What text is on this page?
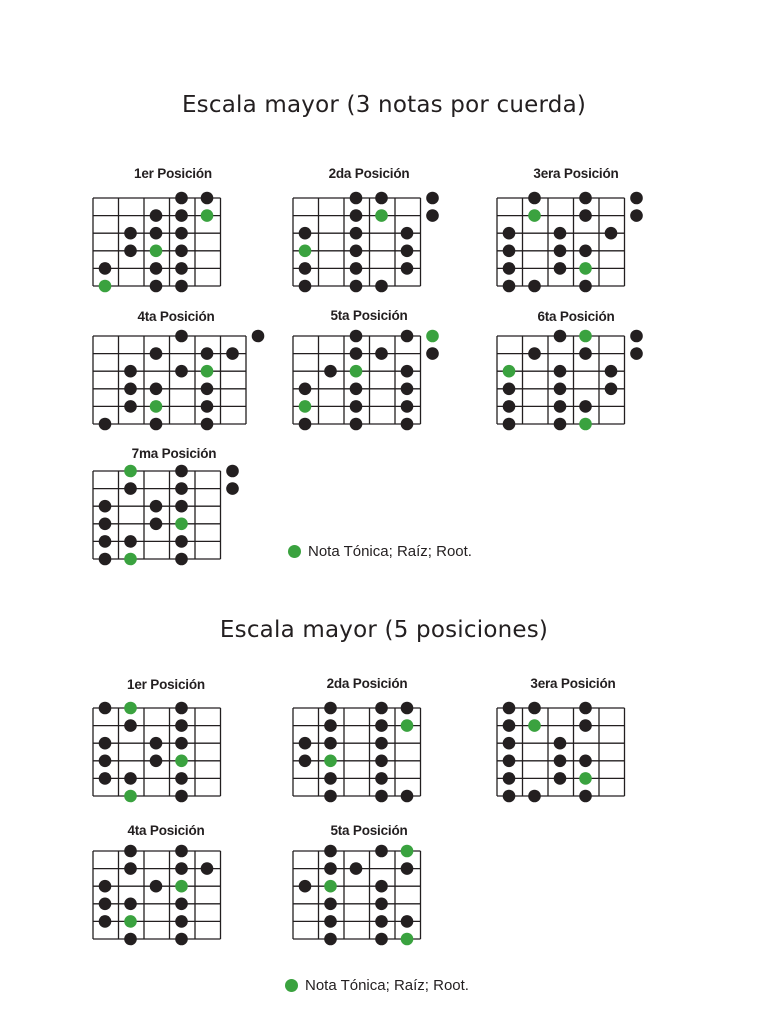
Escala mayor (3 notas por cuerda)
1er Posición	2da Posición	3era Posición
4ta Posición	5ta Posición	6ta Posición
7ma Posición
Nota Tónica; Raíz; Root.
Escala mayor (5 posiciones)
1er Posición	2da Posición	3era Posición
4ta Posición	5ta Posición
Nota Tónica; Raíz; Root.
